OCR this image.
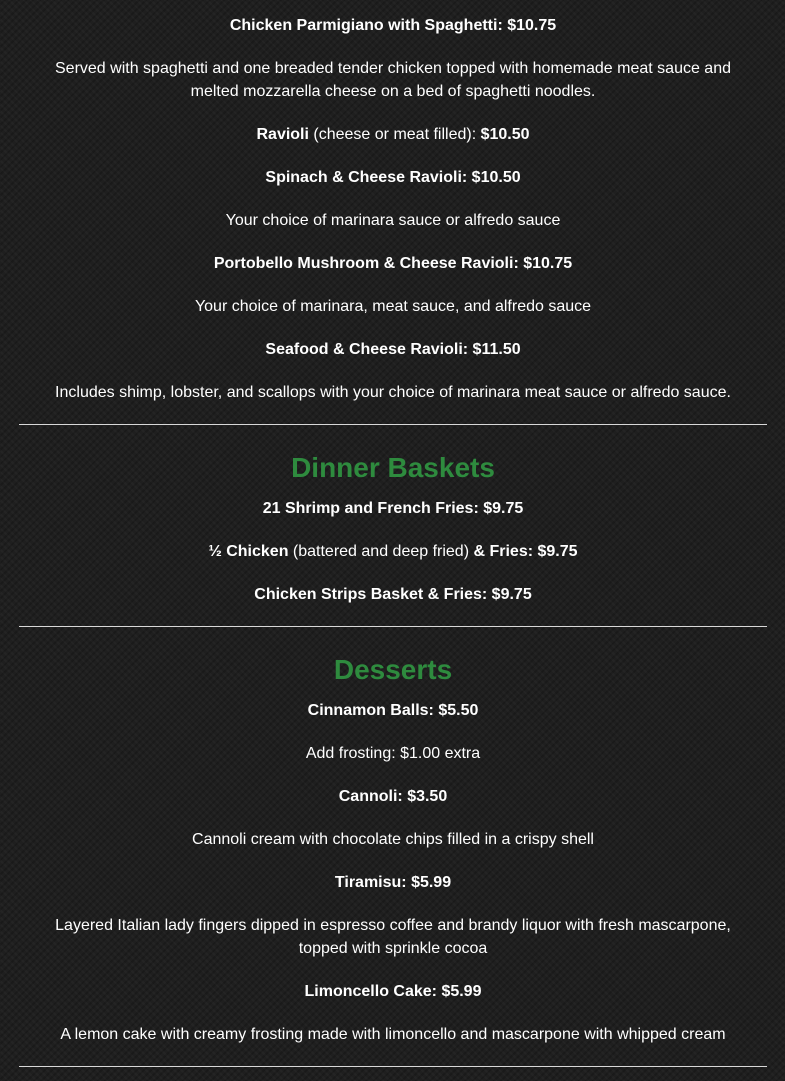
Chicken Parmigiano with Spaghetti: $10.75

Served with spaghetti and one breaded tender chicken topped with homemade meat sauce and melted mozzarella cheese on a bed of spaghetti noodles.

Ravioli (cheese or meat filled): $10.50

Spinach & Cheese Ravioli: $10.50

Your choice of marinara sauce or alfredo sauce

Portobello Mushroom & Cheese Ravioli: $10.75

Your choice of marinara, meat sauce, and alfredo sauce

Seafood & Cheese Ravioli: $11.50

Includes shimp, lobster, and scallops with your choice of marinara meat sauce or alfredo sauce.

Dinner Baskets

21 Shrimp and French Fries: $9.75

½ Chicken (battered and deep fried) & Fries: $9.75

Chicken Strips Basket & Fries: $9.75

Desserts

Cinnamon Balls: $5.50

Add frosting: $1.00 extra

Cannoli: $3.50

Cannoli cream with chocolate chips filled in a crispy shell

Tiramisu: $5.99

Layered Italian lady fingers dipped in espresso coffee and brandy liquor with fresh mascarpone, topped with sprinkle cocoa

Limoncello Cake: $5.99

A lemon cake with creamy frosting made with limoncello and mascarpone with whipped cream
